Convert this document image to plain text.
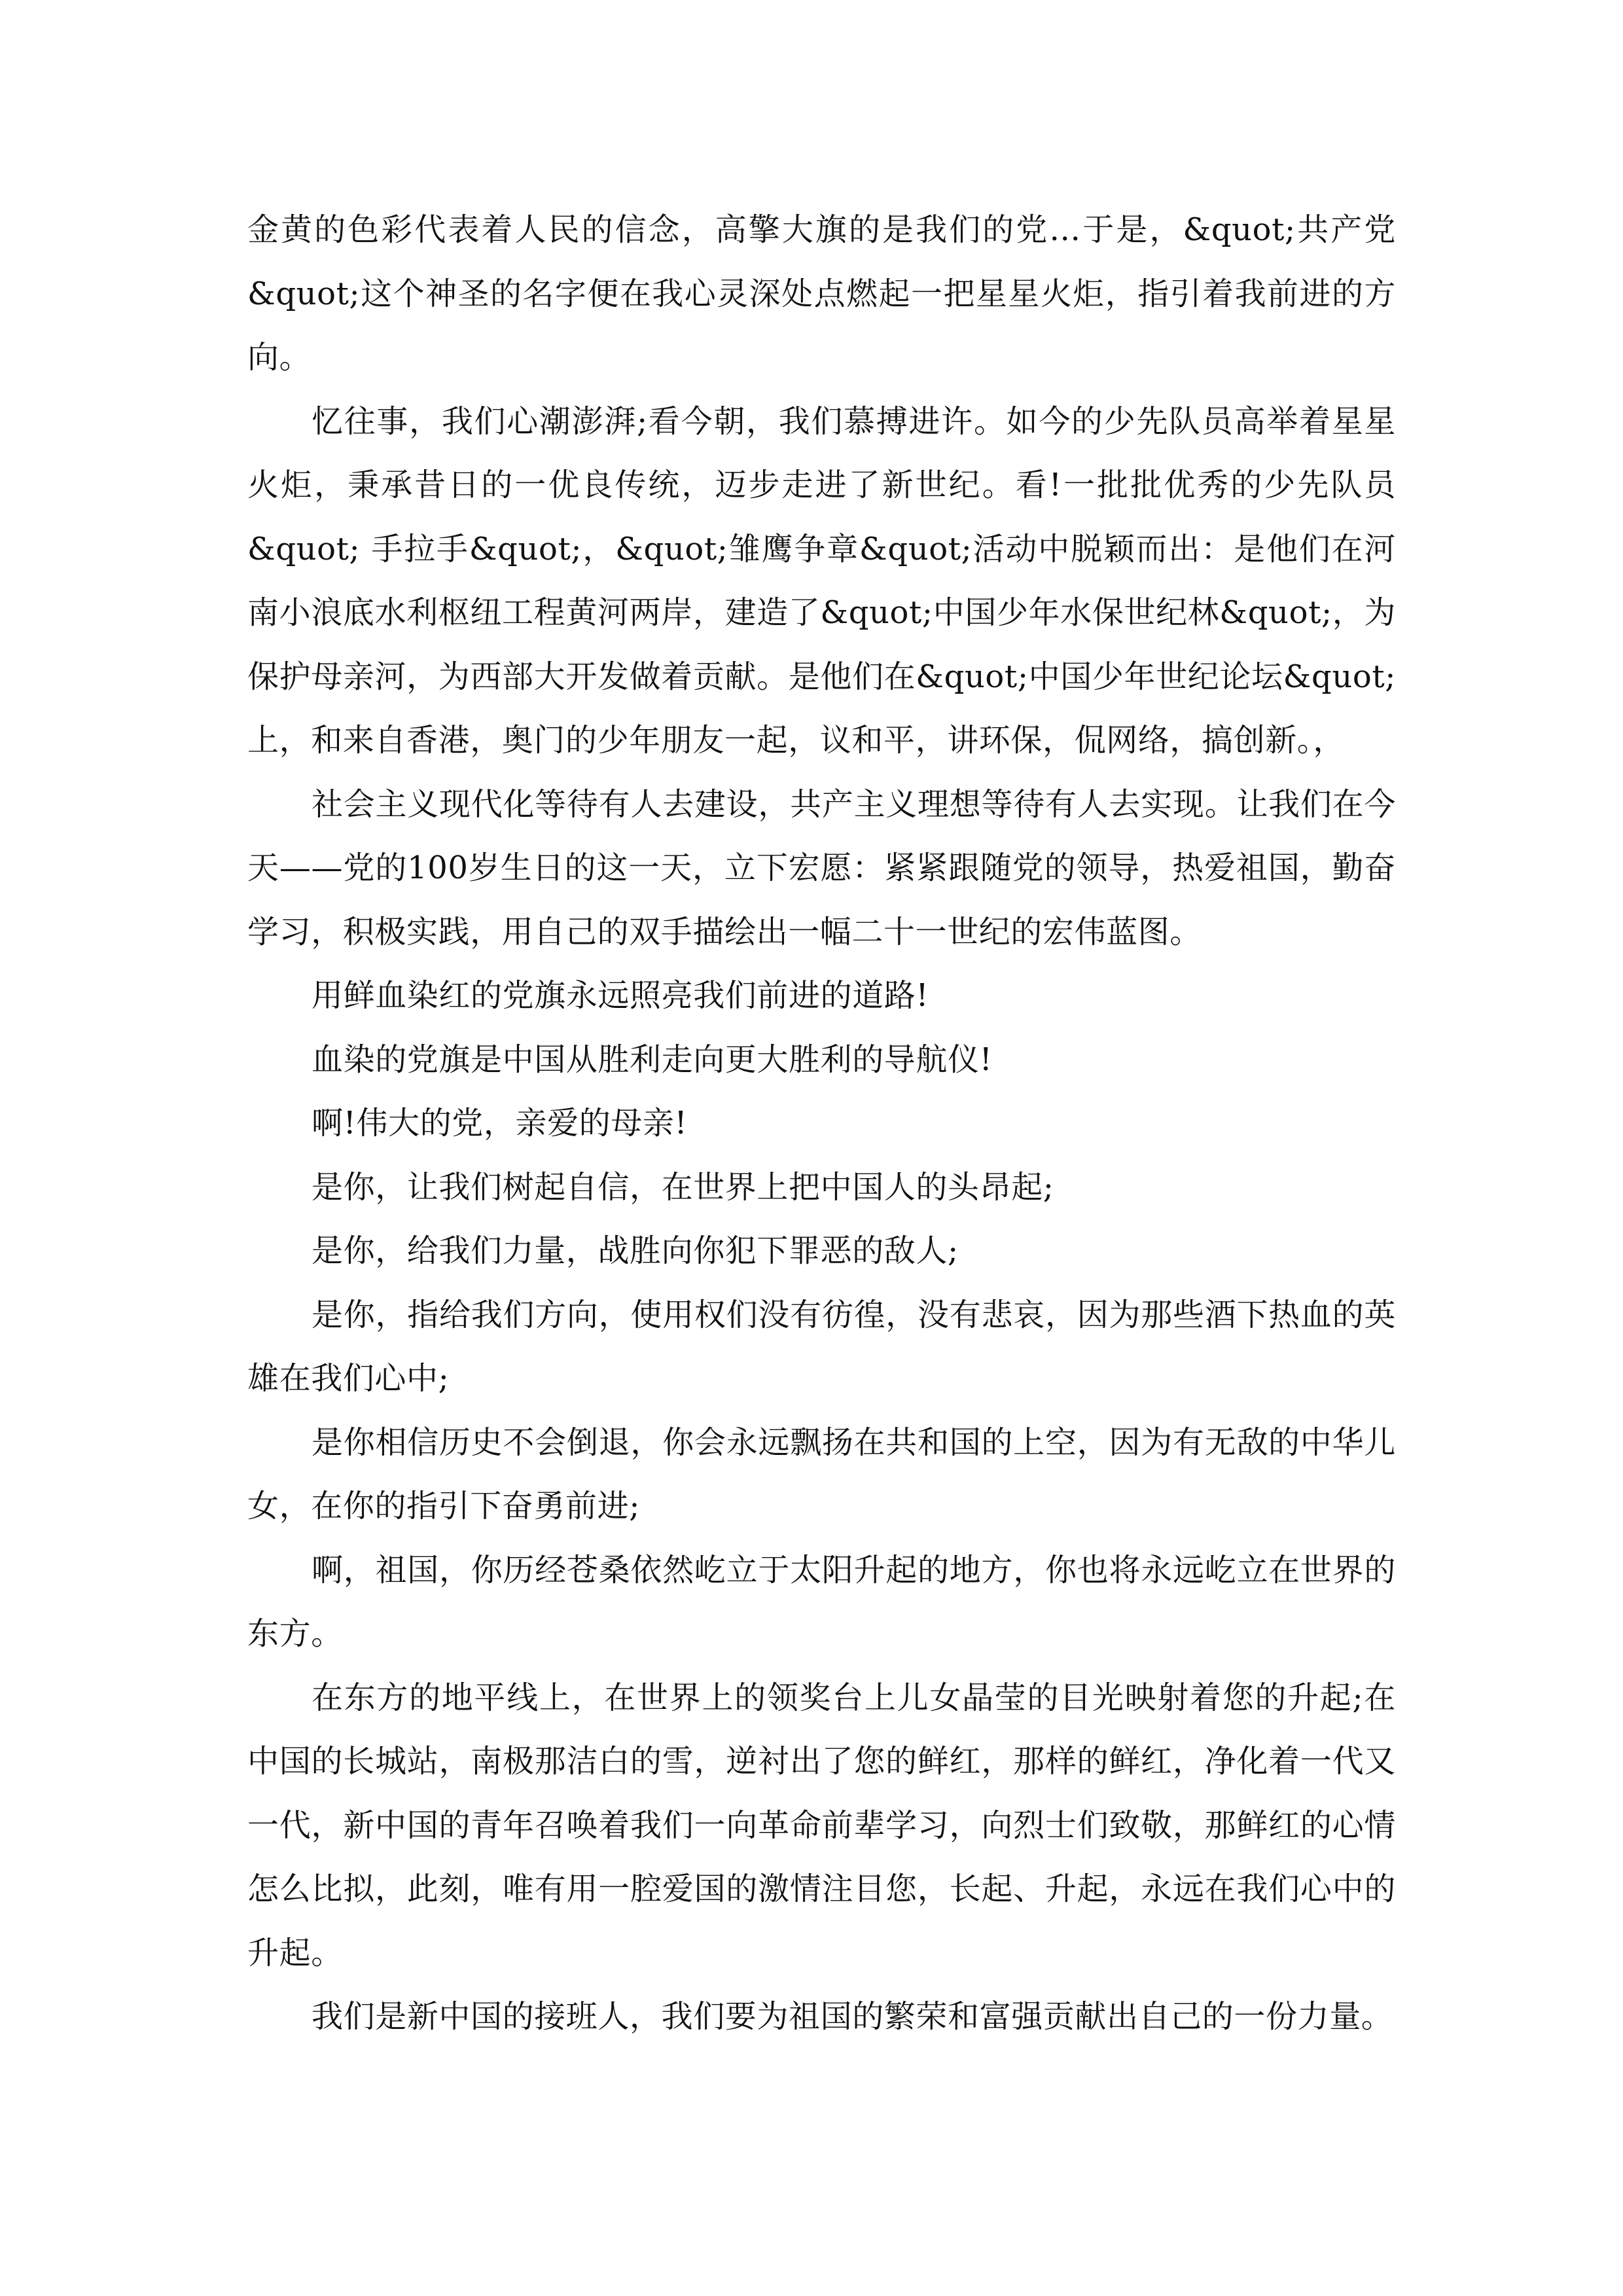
金黄的色彩代表着人民的信念，高擎大旗的是我们的党…于是，&quot;共产党&quot;这个神圣的名字便在我心灵深处点燃起一把星星火炬，指引着我前进的方向。

忆往事，我们心潮澎湃;看今朝，我们慕搏进许。如今的少先队员高举着星星火炬，秉承昔日的一优良传统，迈步走进了新世纪。看!一批批优秀的少先队员&quot; 手拉手&quot;，&quot;雏鹰争章&quot;活动中脱颖而出：是他们在河南小浪底水利枢纽工程黄河两岸，建造了&quot;中国少年水保世纪林&quot;，为保护母亲河，为西部大开发做着贡献。是他们在&quot;中国少年世纪论坛&quot;上，和来自香港，奥门的少年朋友一起，议和平，讲环保，侃网络，搞创新。，

社会主义现代化等待有人去建设，共产主义理想等待有人去实现。让我们在今天——党的100岁生日的这一天，立下宏愿：紧紧跟随党的领导，热爱祖国，勤奋学习，积极实践，用自己的双手描绘出一幅二十一世纪的宏伟蓝图。

用鲜血染红的党旗永远照亮我们前进的道路!

血染的党旗是中国从胜利走向更大胜利的导航仪!

啊!伟大的党，亲爱的母亲!

是你，让我们树起自信，在世界上把中国人的头昂起;

是你，给我们力量，战胜向你犯下罪恶的敌人;

是你，指给我们方向，使用权们没有彷徨，没有悲哀，因为那些酒下热血的英雄在我们心中;

是你相信历史不会倒退，你会永远飘扬在共和国的上空，因为有无敌的中华儿女，在你的指引下奋勇前进;

啊，祖国，你历经苍桑依然屹立于太阳升起的地方，你也将永远屹立在世界的东方。

在东方的地平线上，在世界上的领奖台上儿女晶莹的目光映射着您的升起;在中国的长城站，南极那洁白的雪，逆衬出了您的鲜红，那样的鲜红，净化着一代又一代，新中国的青年召唤着我们一向革命前辈学习，向烈士们致敬，那鲜红的心情怎么比拟，此刻，唯有用一腔爱国的激情注目您，长起、升起，永远在我们心中的升起。

我们是新中国的接班人，我们要为祖国的繁荣和富强贡献出自己的一份力量。
